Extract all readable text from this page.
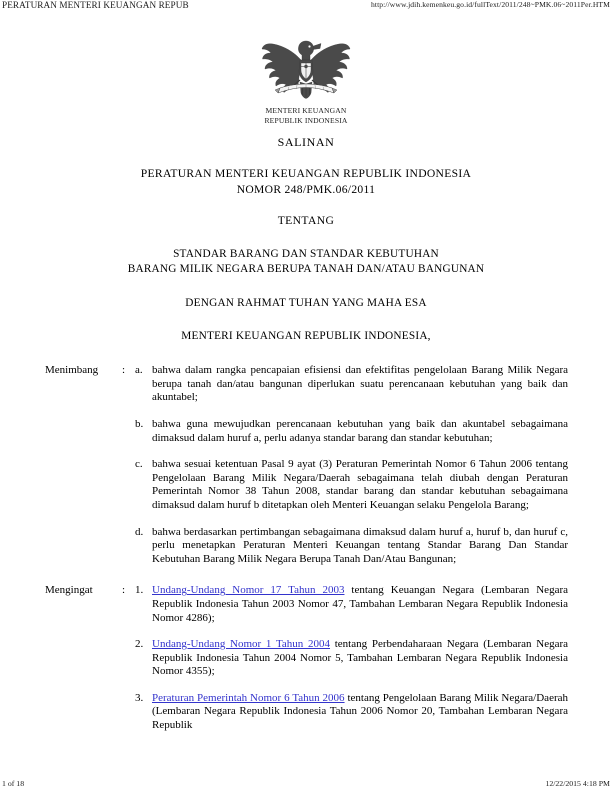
PERATURAN MENTERI KEUANGAN REPUB	http://www.jdih.kemenkeu.go.id/fullText/2011/248~PMK.06~2011Per.HTM
MENTERI KEUANGAN
REPUBLIK INDONESIA
SALINAN
PERATURAN MENTERI KEUANGAN REPUBLIK INDONESIA
NOMOR 248/PMK.06/2011
TENTANG
STANDAR BARANG DAN STANDAR KEBUTUHAN
BARANG MILIK NEGARA BERUPA TANAH DAN/ATAU BANGUNAN
DENGAN RAHMAT TUHAN YANG MAHA ESA
MENTERI KEUANGAN REPUBLIK INDONESIA,
Menimbang	: a. bahwa dalam rangka pencapaian efisiensi dan efektifitas pengelolaan Barang Milik Negara berupa tanah dan/atau bangunan diperlukan suatu perencanaan kebutuhan yang baik dan akuntabel;
b. bahwa guna mewujudkan perencanaan kebutuhan yang baik dan akuntabel sebagaimana dimaksud dalam huruf a, perlu adanya standar barang dan standar kebutuhan;
c. bahwa sesuai ketentuan Pasal 9 ayat (3) Peraturan Pemerintah Nomor 6 Tahun 2006 tentang Pengelolaan Barang Milik Negara/Daerah sebagaimana telah diubah dengan Peraturan Pemerintah Nomor 38 Tahun 2008, standar barang dan standar kebutuhan sebagaimana dimaksud dalam huruf b ditetapkan oleh Menteri Keuangan selaku Pengelola Barang;
d. bahwa berdasarkan pertimbangan sebagaimana dimaksud dalam huruf a, huruf b, dan huruf c, perlu menetapkan Peraturan Menteri Keuangan tentang Standar Barang Dan Standar Kebutuhan Barang Milik Negara Berupa Tanah Dan/Atau Bangunan;
Mengingat	: 1. Undang-Undang Nomor 17 Tahun 2003 tentang Keuangan Negara (Lembaran Negara Republik Indonesia Tahun 2003 Nomor 47, Tambahan Lembaran Negara Republik Indonesia Nomor 4286);
2. Undang-Undang Nomor 1 Tahun 2004 tentang Perbendaharaan Negara (Lembaran Negara Republik Indonesia Tahun 2004 Nomor 5, Tambahan Lembaran Negara Republik Indonesia Nomor 4355);
3. Peraturan Pemerintah Nomor 6 Tahun 2006 tentang Pengelolaan Barang Milik Negara/Daerah (Lembaran Negara Republik Indonesia Tahun 2006 Nomor 20, Tambahan Lembaran Negara Republik
1 of 18	12/22/2015 4:18 PM
